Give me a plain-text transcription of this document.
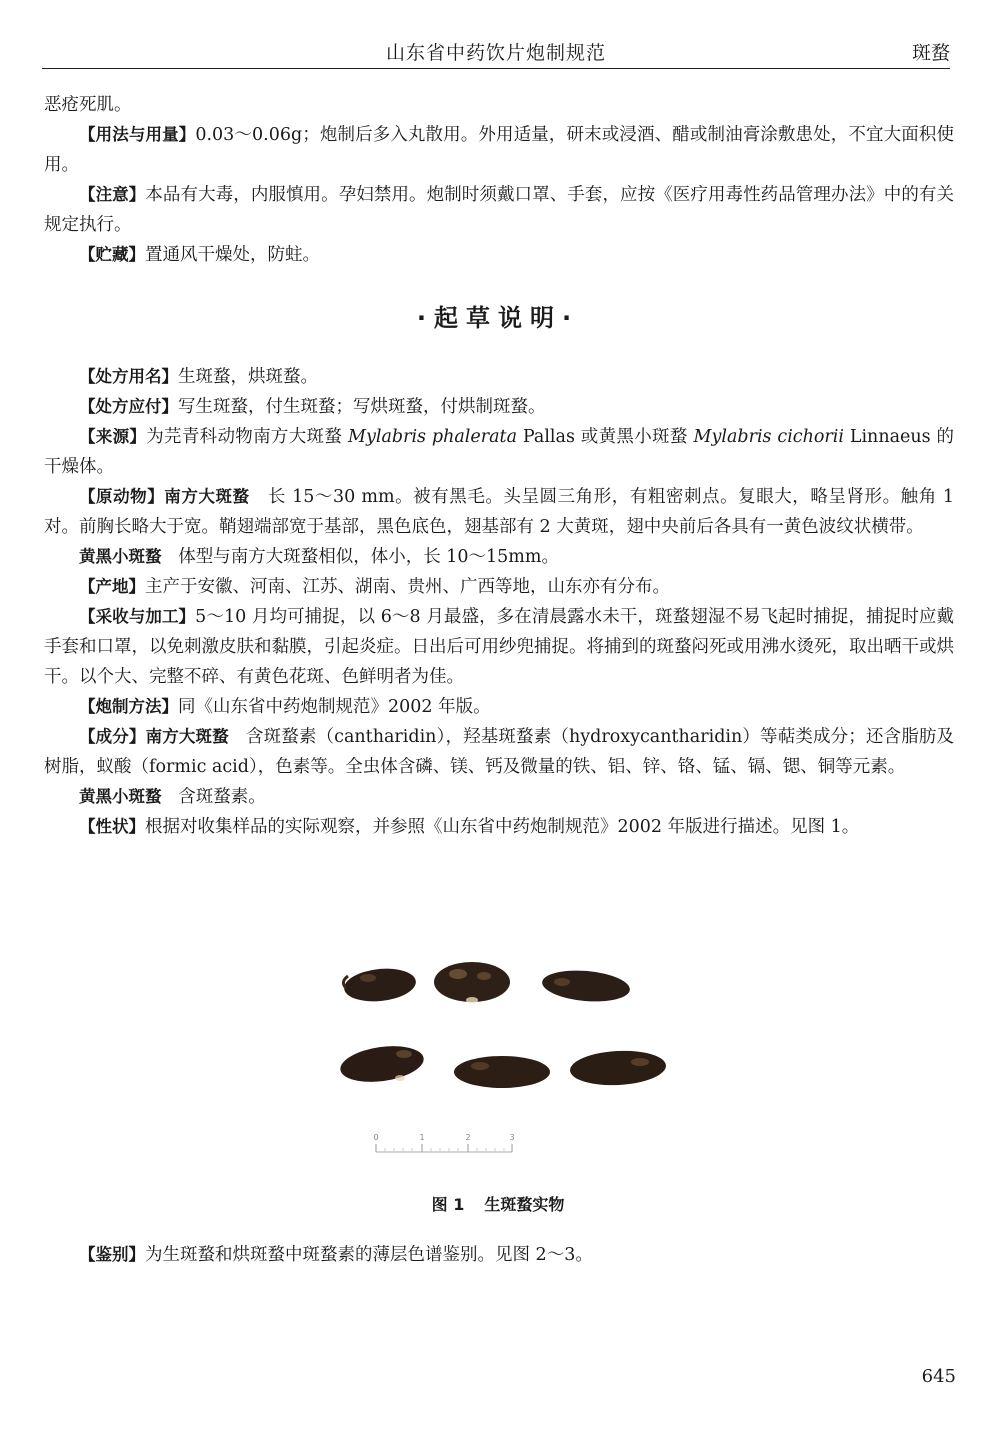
山东省中药饮片炮制规范	斑蝥

恶疮死肌。

【用法与用量】0.03～0.06g；炮制后多入丸散用。外用适量，研末或浸酒、醋或制油膏涂敷患处，不宜大面积使用。

【注意】本品有大毒，内服慎用。孕妇禁用。炮制时须戴口罩、手套，应按《医疗用毒性药品管理办法》中的有关规定执行。

【贮藏】置通风干燥处，防蛀。

·起草说明·

【处方用名】生斑蝥，烘斑蝥。

【处方应付】写生斑蝥，付生斑蝥；写烘斑蝥，付烘制斑蝥。

【来源】为芫青科动物南方大斑蝥 Mylabris phalerata Pallas 或黄黑小斑蝥 Mylabris cichorii Linnaeus 的干燥体。

【原动物】南方大斑蝥 长 15～30 mm。被有黑毛。头呈圆三角形，有粗密刺点。复眼大，略呈肾形。触角 1 对。前胸长略大于宽。鞘翅端部宽于基部，黑色底色，翅基部有 2 大黄斑，翅中央前后各具有一黄色波纹状横带。

黄黑小斑蝥 体型与南方大斑蝥相似，体小，长 10～15mm。

【产地】主产于安徽、河南、江苏、湖南、贵州、广西等地，山东亦有分布。

【采收与加工】5～10 月均可捕捉，以 6～8 月最盛，多在清晨露水未干，斑蝥翅湿不易飞起时捕捉，捕捉时应戴手套和口罩，以免刺激皮肤和黏膜，引起炎症。日出后可用纱兜捕捉。将捕到的斑蝥闷死或用沸水烫死，取出晒干或烘干。以个大、完整不碎、有黄色花斑、色鲜明者为佳。

【炮制方法】同《山东省中药炮制规范》2002 年版。

【成分】南方大斑蝥 含斑蝥素（cantharidin），羟基斑蝥素（hydroxycantharidin）等萜类成分；还含脂肪及树脂，蚁酸（formic acid），色素等。全虫体含磷、镁、钙及微量的铁、铝、锌、铬、锰、镉、锶、铜等元素。

黄黑小斑蝥 含斑蝥素。

【性状】根据对收集样品的实际观察，并参照《山东省中药炮制规范》2002 年版进行描述。见图 1。

0	1	2	3
图 1 生斑蝥实物

【鉴别】为生斑蝥和烘斑蝥中斑蝥素的薄层色谱鉴别。见图 2～3。

645
